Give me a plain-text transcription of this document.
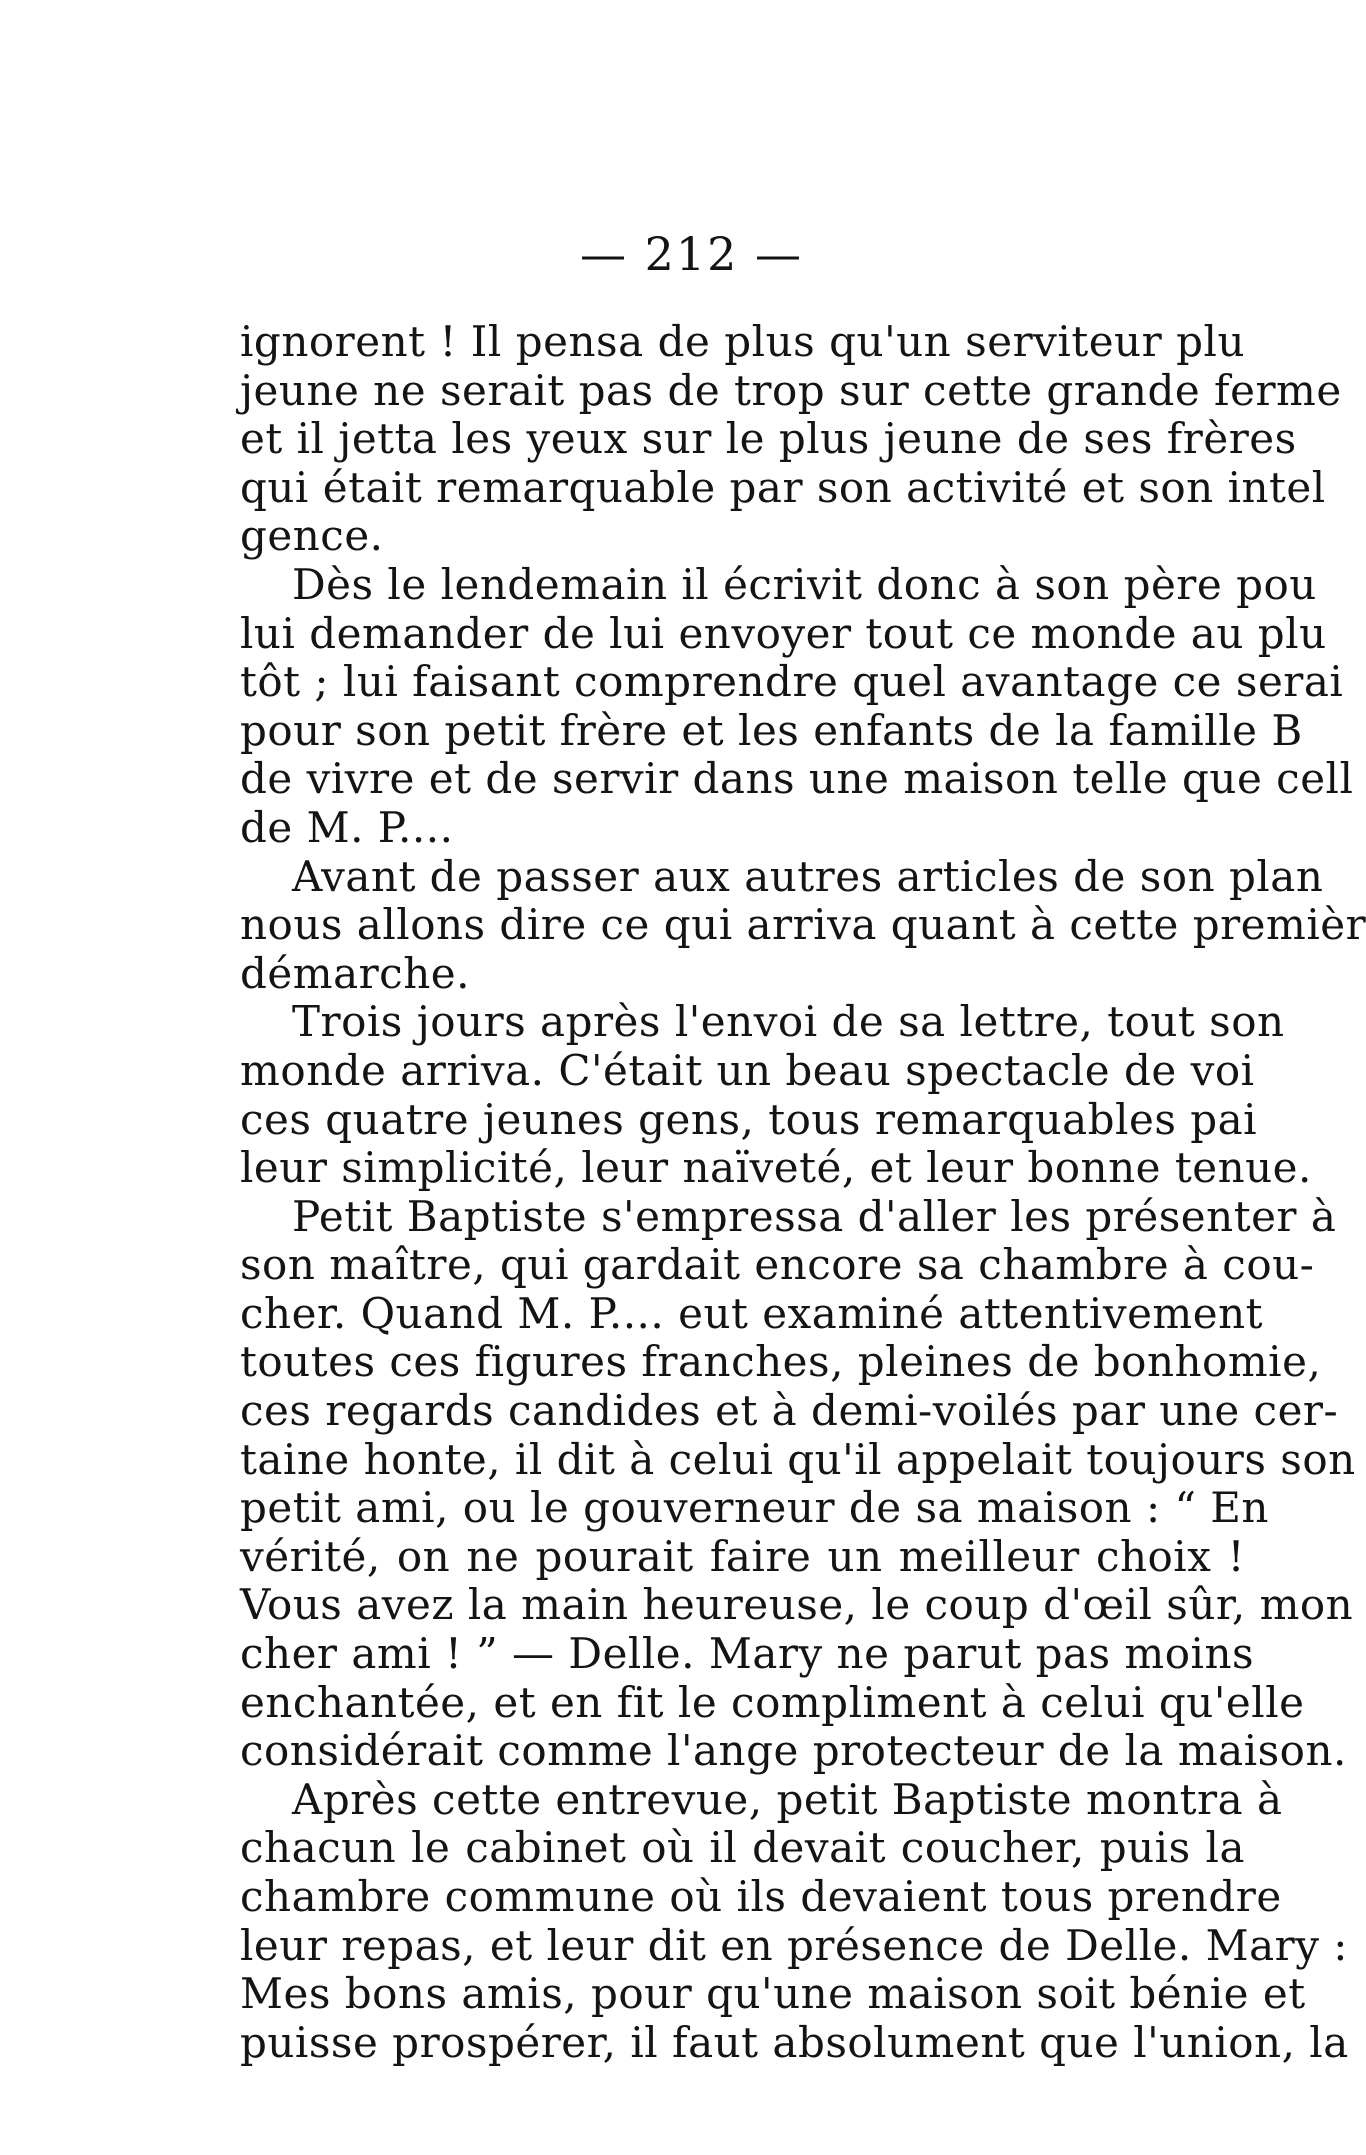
— 212 —
ignorent ! Il pensa de plus qu'un serviteur plu
jeune ne serait pas de trop sur cette grande ferme
et il jetta les yeux sur le plus jeune de ses frères
qui était remarquable par son activité et son intel
gence.
Dès le lendemain il écrivit donc à son père pou
lui demander de lui envoyer tout ce monde au plu
tôt ; lui faisant comprendre quel avantage ce serai
pour son petit frère et les enfants de la famille B
de vivre et de servir dans une maison telle que cell
de M. P....
Avant de passer aux autres articles de son plan
nous allons dire ce qui arriva quant à cette premièr
démarche.
Trois jours après l'envoi de sa lettre, tout son
monde arriva. C'était un beau spectacle de voi
ces quatre jeunes gens, tous remarquables pai
leur simplicité, leur naïveté, et leur bonne tenue.
Petit Baptiste s'empressa d'aller les présenter à
son maître, qui gardait encore sa chambre à cou-
cher. Quand M. P.... eut examiné attentivement
toutes ces figures franches, pleines de bonhomie,
ces regards candides et à demi-voilés par une cer-
taine honte, il dit à celui qu'il appelait toujours son
petit ami, ou le gouverneur de sa maison : “ En
vérité, on ne pourait faire un meilleur choix !
Vous avez la main heureuse, le coup d'œil sûr, mon
cher ami ! ” — Delle. Mary ne parut pas moins
enchantée, et en fit le compliment à celui qu'elle
considérait comme l'ange protecteur de la maison.
Après cette entrevue, petit Baptiste montra à
chacun le cabinet où il devait coucher, puis la
chambre commune où ils devaient tous prendre
leur repas, et leur dit en présence de Delle. Mary :
Mes bons amis, pour qu'une maison soit bénie et
puisse prospérer, il faut absolument que l'union, la
